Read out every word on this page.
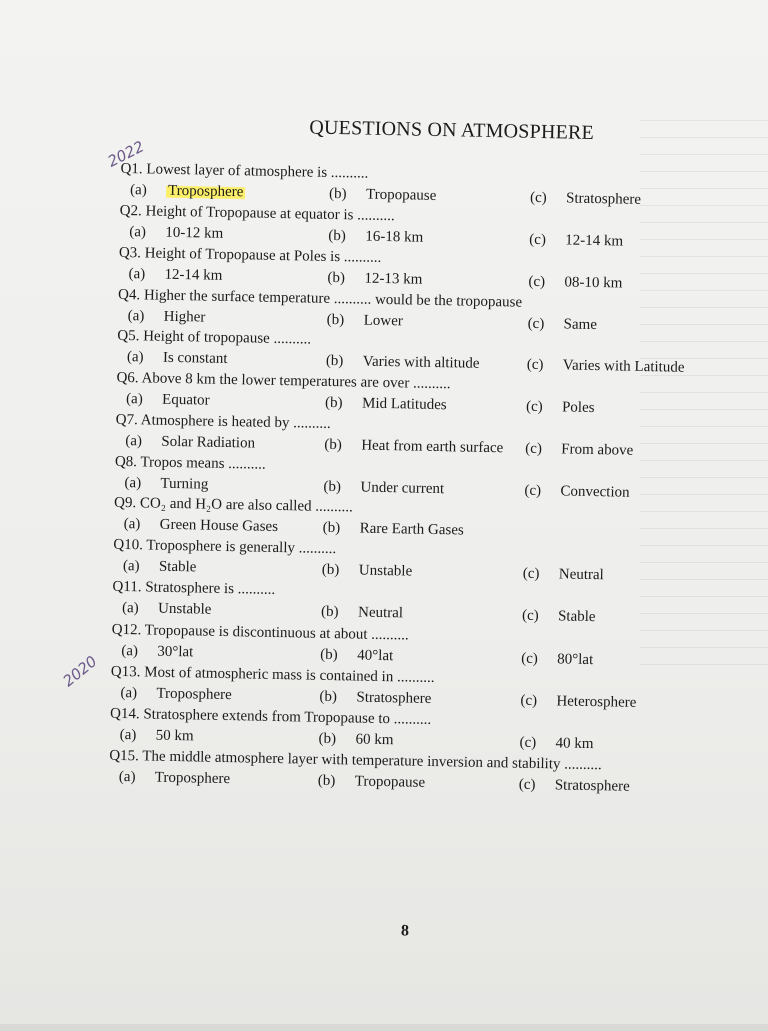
QUESTIONS ON ATMOSPHERE
2022
2020
Q1. Lowest layer of atmosphere is ..........
(a) Troposphere	(b) Tropopause	(c) Stratosphere
Q2. Height of Tropopause at equator is ..........
(a) 10-12 km	(b) 16-18 km	(c) 12-14 km
Q3. Height of Tropopause at Poles is ..........
(a) 12-14 km	(b) 12-13 km	(c) 08-10 km
Q4. Higher the surface temperature .......... would be the tropopause
(a) Higher	(b) Lower	(c) Same
Q5. Height of tropopause ..........
(a) Is constant	(b) Varies with altitude	(c) Varies with Latitude
Q6. Above 8 km the lower temperatures are over ..........
(a) Equator	(b) Mid Latitudes	(c) Poles
Q7. Atmosphere is heated by ..........
(a) Solar Radiation	(b) Heat from earth surface (c) From above
Q8. Tropos means ..........
(a) Turning	(b) Under current	(c) Convection
Q9. CO₂ and H₂O are also called ..........
(a) Green House Gases	(b) Rare Earth Gases
Q10. Troposphere is generally ..........
(a) Stable	(b) Unstable	(c) Neutral
Q11. Stratosphere is ..........
(a) Unstable	(b) Neutral	(c) Stable
Q12. Tropopause is discontinuous at about ..........
(a) 30°lat	(b) 40°lat	(c) 80°lat
Q13. Most of atmospheric mass is contained in ..........
(a) Troposphere	(b) Stratosphere	(c) Heterosphere
Q14. Stratosphere extends from Tropopause to ..........
(a) 50 km	(b) 60 km	(c) 40 km
Q15. The middle atmosphere layer with temperature inversion and stability ..........
(a) Troposphere	(b) Tropopause	(c) Stratosphere
8
